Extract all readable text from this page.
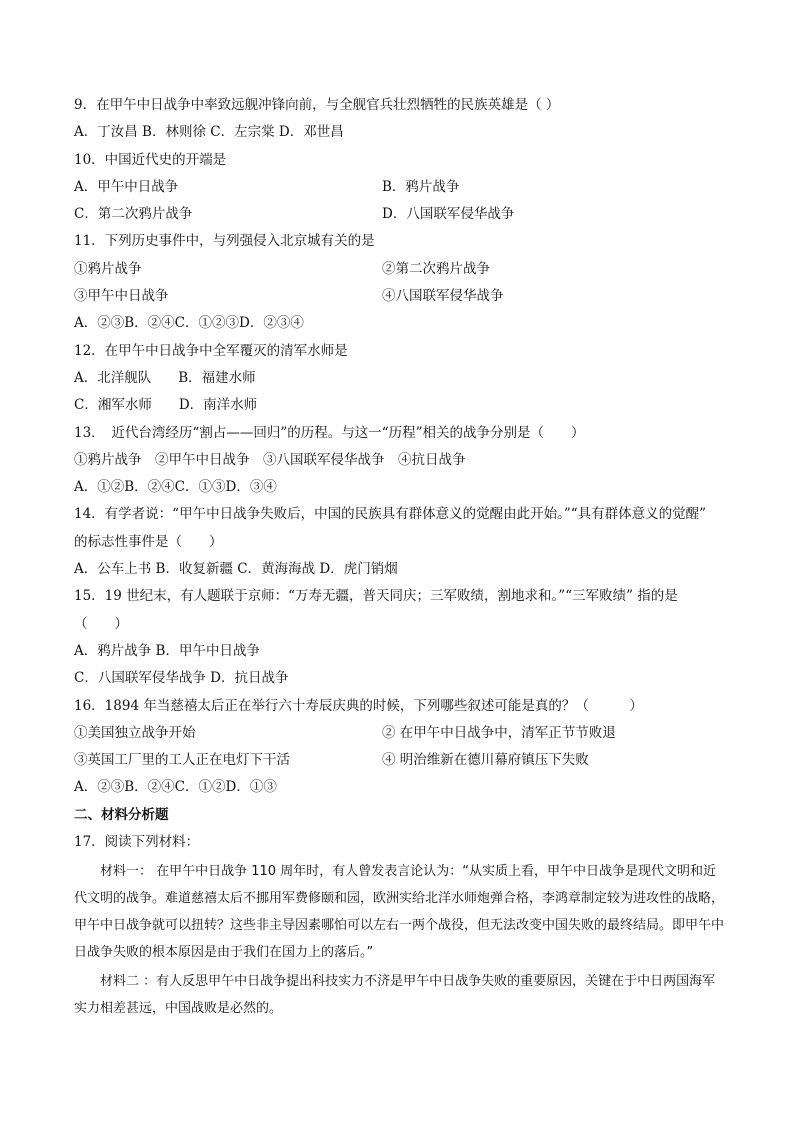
9．在甲午中日战争中率致远舰冲锋向前，与全舰官兵壮烈牺牲的民族英雄是（ ）
A．丁汝昌 B．林则徐 C．左宗棠 D．邓世昌
10．中国近代史的开端是
A．甲午中日战争	B．鸦片战争
C．第二次鸦片战争	D．八国联军侵华战争
11．下列历史事件中，与列强侵入北京城有关的是
①鸦片战争	②第二次鸦片战争
③甲午中日战争	④八国联军侵华战争
A．②③B．②④C．①②③D．②③④
12．在甲午中日战争中全军覆灭的清军水师是
A．北洋舰队　　B．福建水师
C．湘军水师　　D．南洋水师
13．　近代台湾经历“割占——回归”的历程。与这一“历程”相关的战争分别是（　　）
①鸦片战争　②甲午中日战争　③八国联军侵华战争　④抗日战争
A．①②B．②④C．①③D．③④
14．有学者说：“甲午中日战争失败后，中国的民族具有群体意义的觉醒由此开始。”“具有群体意义的觉醒”
的标志性事件是（　　）
A．公车上书 B．收复新疆 C．黄海海战 D．虎门销烟
15．19 世纪末，有人题联于京师：“万寿无疆，普天同庆；三军败绩，割地求和。”“三军败绩” 指的是
（　　）
A．鸦片战争 B．甲午中日战争
C．八国联军侵华战争 D．抗日战争
16．1894 年当慈禧太后正在举行六十寿辰庆典的时候，下列哪些叙述可能是真的？（　　　）
①美国独立战争开始	② 在甲午中日战争中，清军正节节败退
③英国工厂里的工人正在电灯下干活	④ 明治维新在德川幕府镇压下失败
A．②③B．②④C．①②D．①③
二、材料分析题
17．阅读下列材料：
材料一： 在甲午中日战争 110 周年时，有人曾发表言论认为：“从实质上看，甲午中日战争是现代文明和近代文明的战争。难道慈禧太后不挪用军费修颐和园，欧洲实给北洋水师炮弹合格，李鸿章制定较为进攻性的战略，甲午中日战争就可以扭转？这些非主导因素哪怕可以左右一两个战役，但无法改变中国失败的最终结局。即甲午中日战争失败的根本原因是由于我们在国力上的落后。”
材料二 ：有人反思甲午中日战争提出科技实力不济是甲午中日战争失败的重要原因，关键在于中日两国海军实力相差甚远，中国战败是必然的。
